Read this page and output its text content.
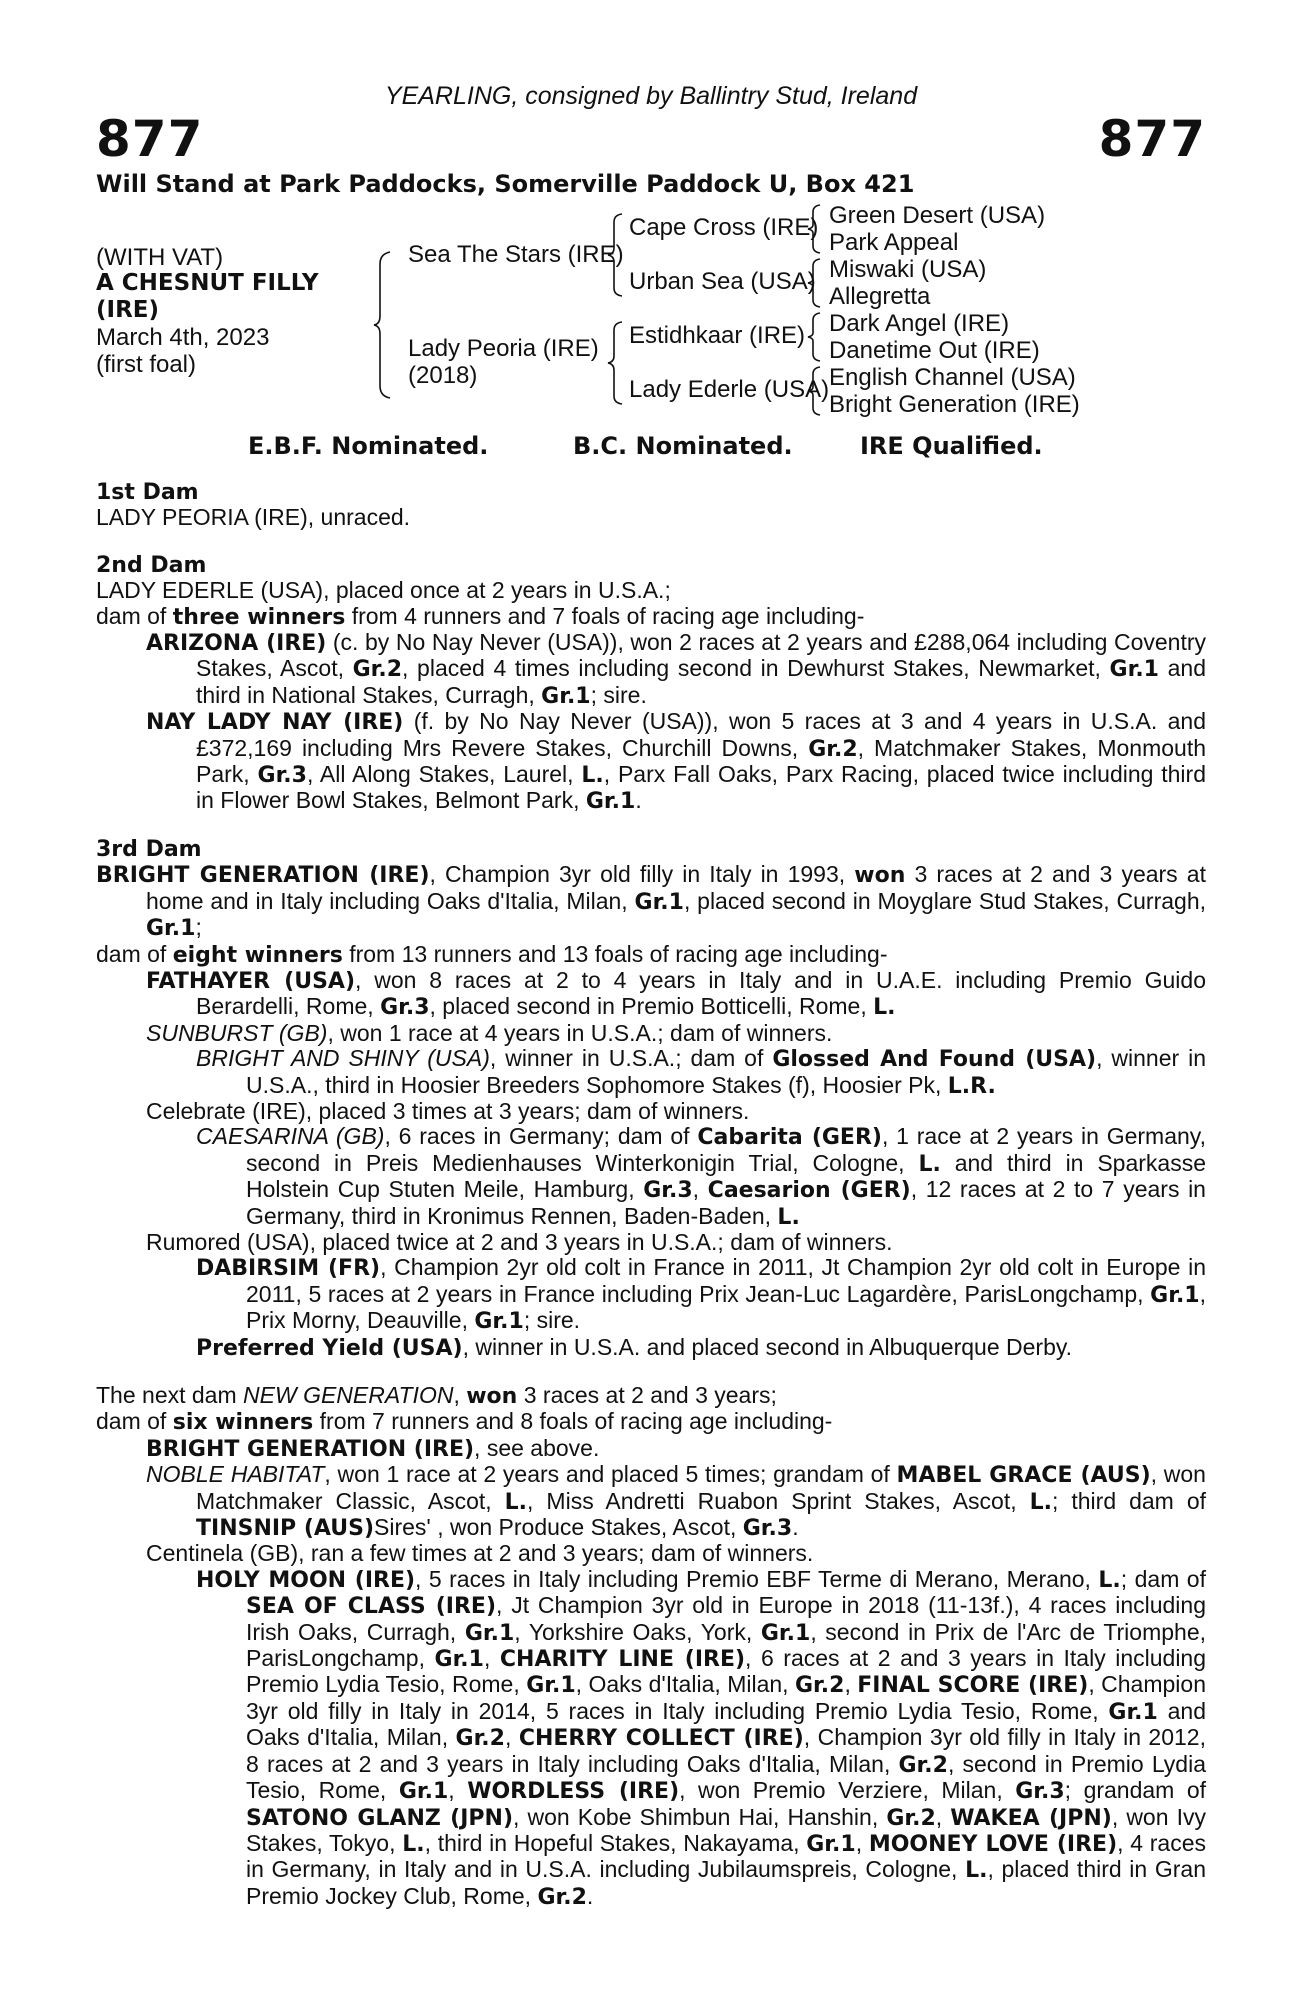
YEARLING, consigned by Ballintry Stud, Ireland
877	877
Will Stand at Park Paddocks, Somerville Paddock U, Box 421
(WITH VAT)
A CHESNUT FILLY
(IRE)
March 4th, 2023
(first foal)
Sea The Stars (IRE)
Lady Peoria (IRE)
(2018)
Cape Cross (IRE)
Urban Sea (USA)
Estidhkaar (IRE)
Lady Ederle (USA)
Green Desert (USA)
Park Appeal
Miswaki (USA)
Allegretta
Dark Angel (IRE)
Danetime Out (IRE)
English Channel (USA)
Bright Generation (IRE)
E.B.F. Nominated.	B.C. Nominated.	IRE Qualified.
1st Dam

LADY PEORIA (IRE), unraced.

2nd Dam

LADY EDERLE (USA), placed once at 2 years in U.S.A.;

dam of three winners from 4 runners and 7 foals of racing age including-

ARIZONA (IRE) (c. by No Nay Never (USA)), won 2 races at 2 years and £288,064 including Coventry Stakes, Ascot, Gr.2, placed 4 times including second in Dewhurst Stakes, Newmarket, Gr.1 and third in National Stakes, Curragh, Gr.1; sire.

NAY LADY NAY (IRE) (f. by No Nay Never (USA)), won 5 races at 3 and 4 years in U.S.A. and £372,169 including Mrs Revere Stakes, Churchill Downs, Gr.2, Matchmaker Stakes, Monmouth Park, Gr.3, All Along Stakes, Laurel, L., Parx Fall Oaks, Parx Racing, placed twice including third in Flower Bowl Stakes, Belmont Park, Gr.1.

3rd Dam

BRIGHT GENERATION (IRE), Champion 3yr old filly in Italy in 1993, won 3 races at 2 and 3 years at home and in Italy including Oaks d'Italia, Milan, Gr.1, placed second in Moyglare Stud Stakes, Curragh, Gr.1;

dam of eight winners from 13 runners and 13 foals of racing age including-

FATHAYER (USA), won 8 races at 2 to 4 years in Italy and in U.A.E. including Premio Guido Berardelli, Rome, Gr.3, placed second in Premio Botticelli, Rome, L.

SUNBURST (GB), won 1 race at 4 years in U.S.A.; dam of winners.

BRIGHT AND SHINY (USA), winner in U.S.A.; dam of Glossed And Found (USA), winner in U.S.A., third in Hoosier Breeders Sophomore Stakes (f), Hoosier Pk, L.R.

Celebrate (IRE), placed 3 times at 3 years; dam of winners.

CAESARINA (GB), 6 races in Germany; dam of Cabarita (GER), 1 race at 2 years in Germany, second in Preis Medienhauses Winterkonigin Trial, Cologne, L. and third in Sparkasse Holstein Cup Stuten Meile, Hamburg, Gr.3, Caesarion (GER), 12 races at 2 to 7 years in Germany, third in Kronimus Rennen, Baden-Baden, L.

Rumored (USA), placed twice at 2 and 3 years in U.S.A.; dam of winners.

DABIRSIM (FR), Champion 2yr old colt in France in 2011, Jt Champion 2yr old colt in Europe in 2011, 5 races at 2 years in France including Prix Jean-Luc Lagardère, ParisLongchamp, Gr.1, Prix Morny, Deauville, Gr.1; sire.

Preferred Yield (USA), winner in U.S.A. and placed second in Albuquerque Derby.

The next dam NEW GENERATION, won 3 races at 2 and 3 years;

dam of six winners from 7 runners and 8 foals of racing age including-

BRIGHT GENERATION (IRE), see above.

NOBLE HABITAT, won 1 race at 2 years and placed 5 times; grandam of MABEL GRACE (AUS), won Matchmaker Classic, Ascot, L., Miss Andretti Ruabon Sprint Stakes, Ascot, L.; third dam of TINSNIP (AUS)Sires' , won Produce Stakes, Ascot, Gr.3.

Centinela (GB), ran a few times at 2 and 3 years; dam of winners.

HOLY MOON (IRE), 5 races in Italy including Premio EBF Terme di Merano, Merano, L.; dam of SEA OF CLASS (IRE), Jt Champion 3yr old in Europe in 2018 (11-13f.), 4 races including Irish Oaks, Curragh, Gr.1, Yorkshire Oaks, York, Gr.1, second in Prix de l'Arc de Triomphe, ParisLongchamp, Gr.1, CHARITY LINE (IRE), 6 races at 2 and 3 years in Italy including Premio Lydia Tesio, Rome, Gr.1, Oaks d'Italia, Milan, Gr.2, FINAL SCORE (IRE), Champion 3yr old filly in Italy in 2014, 5 races in Italy including Premio Lydia Tesio, Rome, Gr.1 and Oaks d'Italia, Milan, Gr.2, CHERRY COLLECT (IRE), Champion 3yr old filly in Italy in 2012, 8 races at 2 and 3 years in Italy including Oaks d'Italia, Milan, Gr.2, second in Premio Lydia Tesio, Rome, Gr.1, WORDLESS (IRE), won Premio Verziere, Milan, Gr.3; grandam of SATONO GLANZ (JPN), won Kobe Shimbun Hai, Hanshin, Gr.2, WAKEA (JPN), won Ivy Stakes, Tokyo, L., third in Hopeful Stakes, Nakayama, Gr.1, MOONEY LOVE (IRE), 4 races in Germany, in Italy and in U.S.A. including Jubilaumspreis, Cologne, L., placed third in Gran Premio Jockey Club, Rome, Gr.2.
